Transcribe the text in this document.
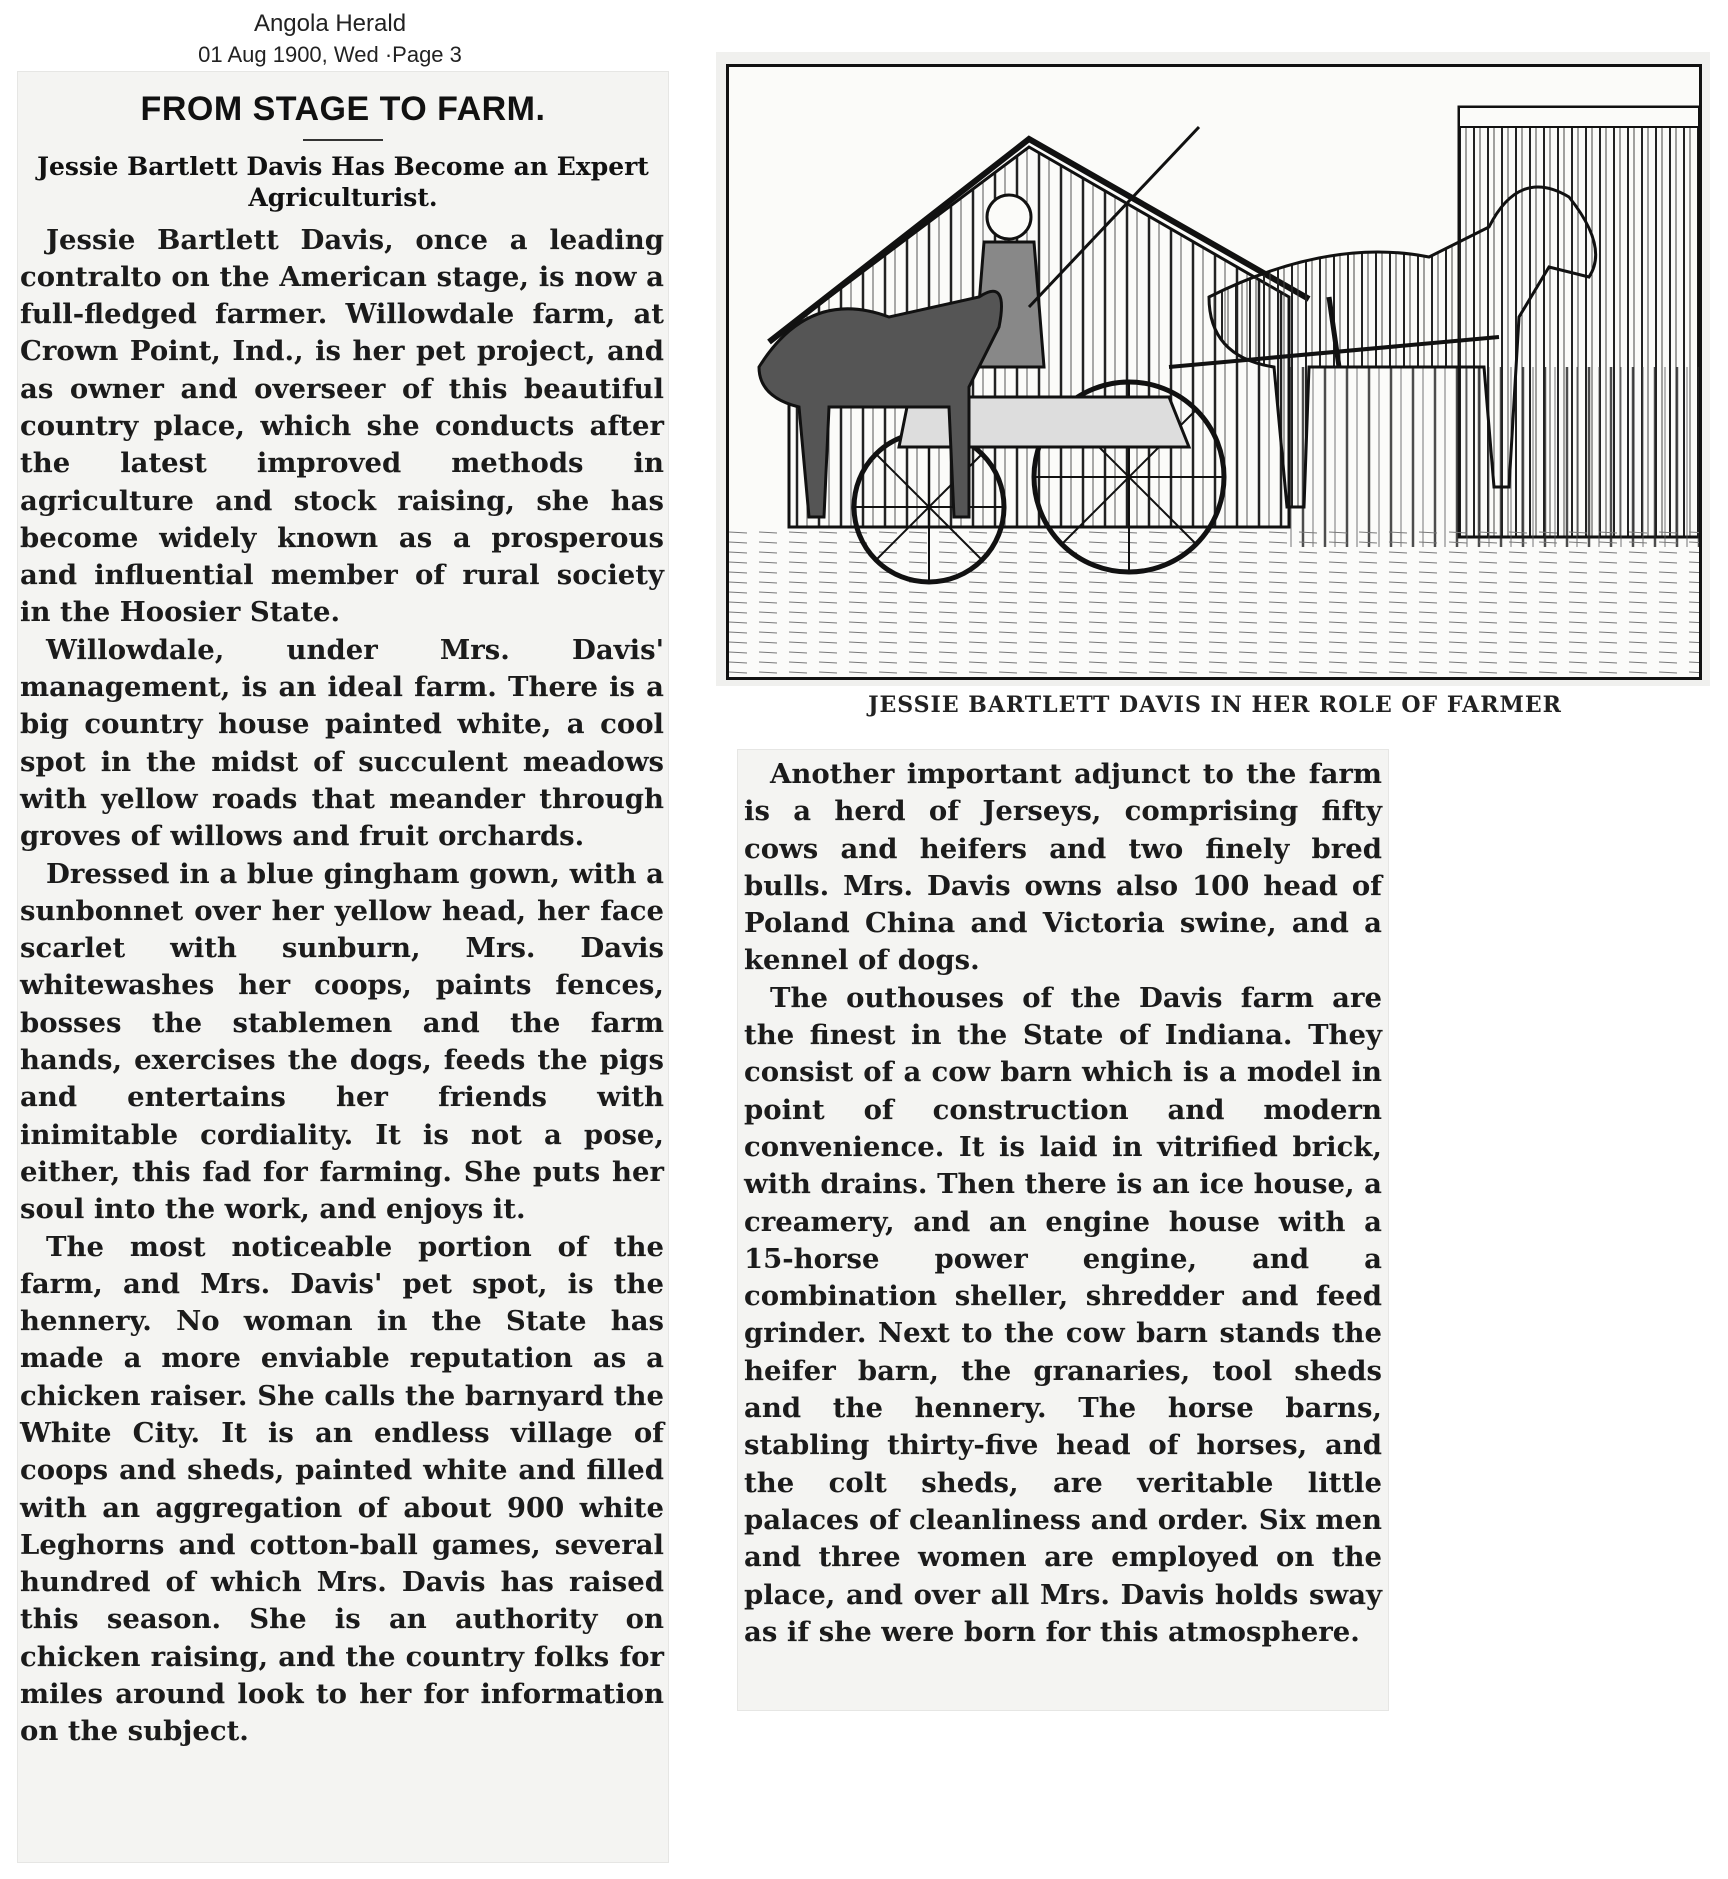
Angola Herald
01 Aug 1900, Wed ·Page 3
FROM STAGE TO FARM.
Jessie Bartlett Davis Has Become an Expert Agriculturist.

Jessie Bartlett Davis, once a leading contralto on the American stage, is now a full-fledged farmer. Willowdale farm, at Crown Point, Ind., is her pet project, and as owner and overseer of this beautiful country place, which she conducts after the latest improved methods in agriculture and stock raising, she has become widely known as a prosperous and influential member of rural society in the Hoosier State.

Willowdale, under Mrs. Davis' management, is an ideal farm. There is a big country house painted white, a cool spot in the midst of succulent meadows with yellow roads that meander through groves of willows and fruit orchards.

Dressed in a blue gingham gown, with a sunbonnet over her yellow head, her face scarlet with sunburn, Mrs. Davis whitewashes her coops, paints fences, bosses the stablemen and the farm hands, exercises the dogs, feeds the pigs and entertains her friends with inimitable cordiality. It is not a pose, either, this fad for farming. She puts her soul into the work, and enjoys it.

The most noticeable portion of the farm, and Mrs. Davis' pet spot, is the hennery. No woman in the State has made a more enviable reputation as a chicken raiser. She calls the barnyard the White City. It is an endless village of coops and sheds, painted white and filled with an aggregation of about 900 white Leghorns and cotton-ball games, several hundred of which Mrs. Davis has raised this season. She is an authority on chicken raising, and the country folks for miles around look to her for information on the subject.

JESSIE BARTLETT DAVIS IN HER ROLE OF FARMER

Another important adjunct to the farm is a herd of Jerseys, comprising fifty cows and heifers and two finely bred bulls. Mrs. Davis owns also 100 head of Poland China and Victoria swine, and a kennel of dogs.

The outhouses of the Davis farm are the finest in the State of Indiana. They consist of a cow barn which is a model in point of construction and modern convenience. It is laid in vitrified brick, with drains. Then there is an ice house, a creamery, and an engine house with a 15-horse power engine, and a combination sheller, shredder and feed grinder. Next to the cow barn stands the heifer barn, the granaries, tool sheds and the hennery. The horse barns, stabling thirty-five head of horses, and the colt sheds, are veritable little palaces of cleanliness and order. Six men and three women are employed on the place, and over all Mrs. Davis holds sway as if she were born for this atmosphere.
